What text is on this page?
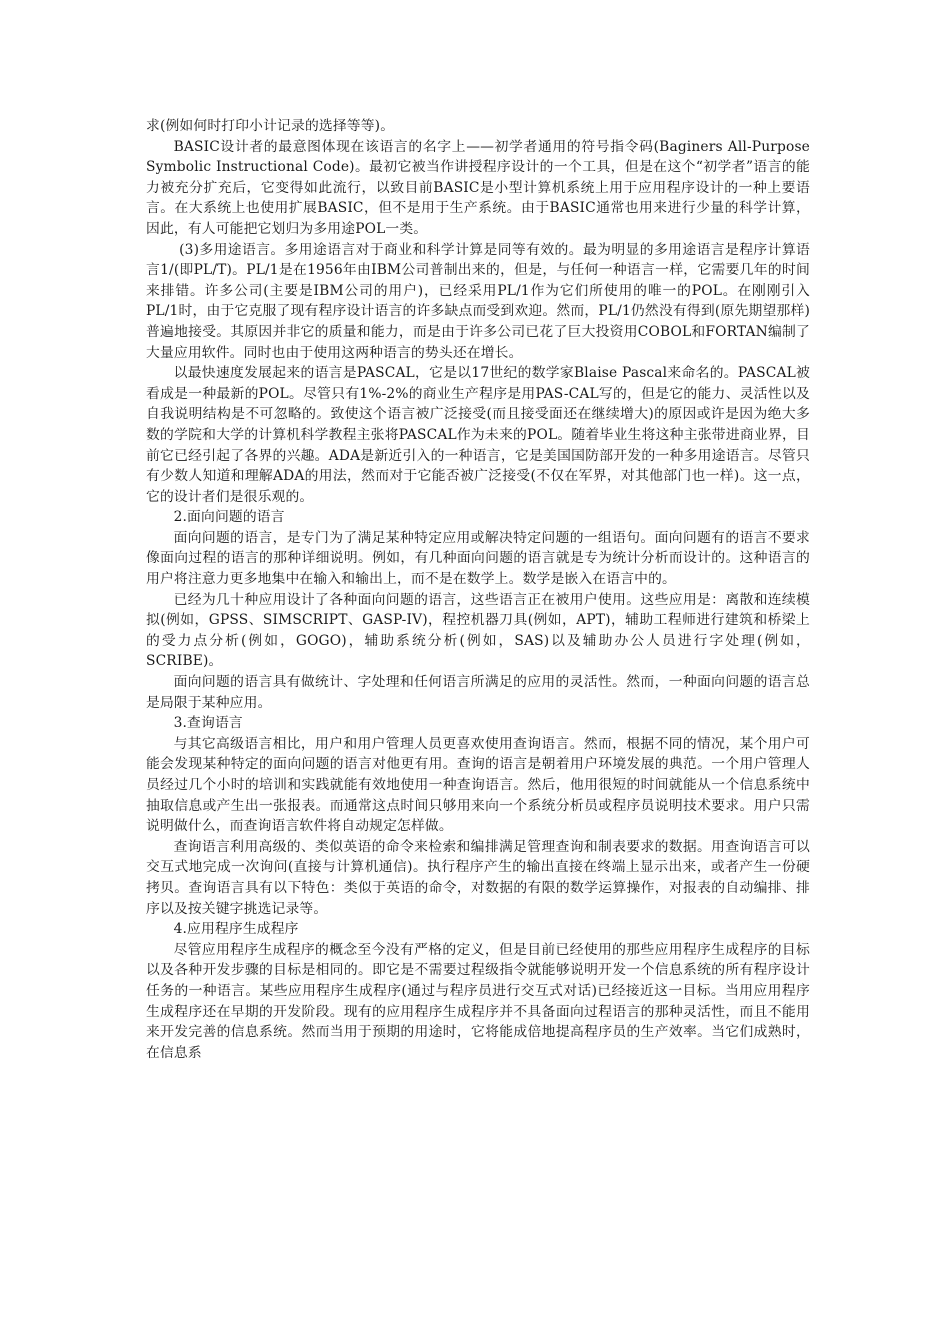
求(例如何时打印小计记录的选择等等)。

BASIC设计者的最意图体现在该语言的名字上——初学者通用的符号指令码(Baginers All-Purpose Symbolic Instructional Code)。最初它被当作讲授程序设计的一个工具，但是在这个“初学者”语言的能力被充分扩充后，它变得如此流行，以致目前BASIC是小型计算机系统上用于应用程序设计的一种上要语言。在大系统上也使用扩展BASIC，但不是用于生产系统。由于BASIC通常也用来进行少量的科学计算，因此，有人可能把它划归为多用途POL一类。

(3)多用途语言。多用途语言对于商业和科学计算是同等有效的。最为明显的多用途语言是程序计算语言1/(即PL/T)。PL/1是在1956年由IBM公司普制出来的，但是，与任何一种语言一样，它需要几年的时间来排错。许多公司(主要是IBM公司的用户)，已经采用PL/1作为它们所使用的唯一的POL。在刚刚引入PL/1时，由于它克服了现有程序设计语言的许多缺点而受到欢迎。然而，PL/1仍然没有得到(原先期望那样)普遍地接受。其原因并非它的质量和能力，而是由于许多公司已花了巨大投资用COBOL和FORTAN编制了大量应用软件。同时也由于使用这两种语言的势头还在增长。

以最快速度发展起来的语言是PASCAL，它是以17世纪的数学家Blaise Pascal来命名的。PASCAL被看成是一种最新的POL。尽管只有1%-2%的商业生产程序是用PAS-CAL写的，但是它的能力、灵活性以及自我说明结构是不可忽略的。致使这个语言被广泛接受(而且接受面还在继续增大)的原因或许是因为绝大多数的学院和大学的计算机科学教程主张将PASCAL作为未来的POL。随着毕业生将这种主张带进商业界，目前它已经引起了各界的兴趣。ADA是新近引入的一种语言，它是美国国防部开发的一种多用途语言。尽管只有少数人知道和理解ADA的用法，然而对于它能否被广泛接受(不仅在军界，对其他部门也一样)。这一点，它的设计者们是很乐观的。

2.面向问题的语言

面向问题的语言，是专门为了满足某种特定应用或解决特定问题的一组语句。面向问题有的语言不要求像面向过程的语言的那种详细说明。例如，有几种面向问题的语言就是专为统计分析而设计的。这种语言的用户将注意力更多地集中在输入和输出上，而不是在数学上。数学是嵌入在语言中的。

已经为几十种应用设计了各种面向问题的语言，这些语言正在被用户使用。这些应用是：离散和连续模拟(例如，GPSS、SIMSCRIPT、GASP-IV)，程控机器刀具(例如，APT)，辅助工程师进行建筑和桥梁上的受力点分析(例如，GOGO)，辅助系统分析(例如，SAS)以及辅助办公人员进行字处理(例如，SCRIBE)。

面向问题的语言具有做统计、字处理和任何语言所满足的应用的灵活性。然而，一种面向问题的语言总是局限于某种应用。

3.查询语言

与其它高级语言相比，用户和用户管理人员更喜欢使用查询语言。然而，根据不同的情况，某个用户可能会发现某种特定的面向问题的语言对他更有用。查询的语言是朝着用户环境发展的典范。一个用户管理人员经过几个小时的培训和实践就能有效地使用一种查询语言。然后，他用很短的时间就能从一个信息系统中抽取信息或产生出一张报表。而通常这点时间只够用来向一个系统分析员或程序员说明技术要求。用户只需说明做什么，而查询语言软件将自动规定怎样做。

查询语言利用高级的、类似英语的命令来检索和编排满足管理查询和制表要求的数据。用查询语言可以交互式地完成一次询问(直接与计算机通信)。执行程序产生的输出直接在终端上显示出来，或者产生一份硬拷贝。查询语言具有以下特色：类似于英语的命令，对数据的有限的数学运算操作，对报表的自动编排、排序以及按关键字挑选记录等。

4.应用程序生成程序

尽管应用程序生成程序的概念至今没有严格的定义，但是目前已经使用的那些应用程序生成程序的目标以及各种开发步骤的目标是相同的。即它是不需要过程级指令就能够说明开发一个信息系统的所有程序设计任务的一种语言。某些应用程序生成程序(通过与程序员进行交互式对话)已经接近这一目标。当用应用程序生成程序还在早期的开发阶段。现有的应用程序生成程序并不具备面向过程语言的那种灵活性，而且不能用来开发完善的信息系统。然而当用于预期的用途时，它将能成倍地提高程序员的生产效率。当它们成熟时，在信息系
